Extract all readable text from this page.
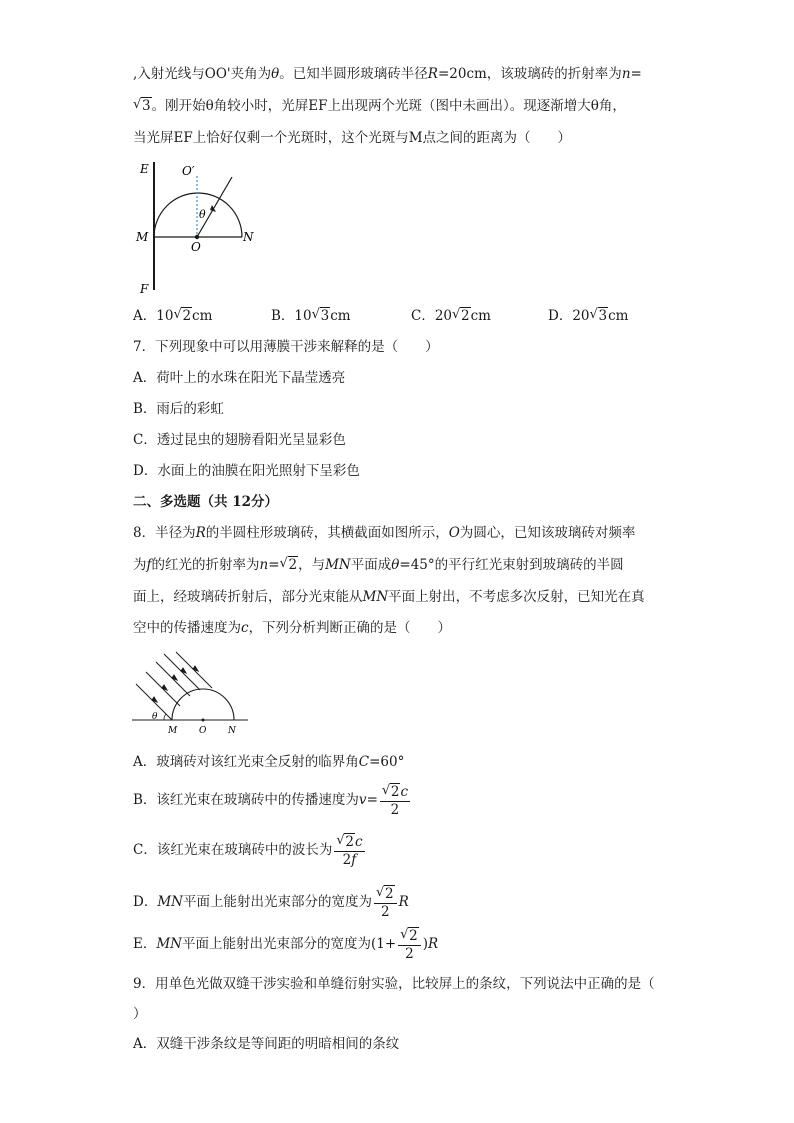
,入射光线与OO'夹角为θ。已知半圆形玻璃砖半径R=20cm，该玻璃砖的折射率为n=
√ 3。刚开始θ角较小时，光屏EF上出现两个光斑（图中未画出）。现逐渐增大θ角，
当光屏EF上恰好仅剩一个光斑时，这个光斑与M点之间的距离为（　　）
E	O′
θ
M
O
N
F
A．10 √ 2cm	B．10 √ 3cm	C．20 √ 2cm	D．20 √ 3cm
7．下列现象中可以用薄膜干涉来解释的是（　　）
A．荷叶上的水珠在阳光下晶莹透亮
B．雨后的彩虹
C．透过昆虫的翅膀看阳光呈显彩色
D．水面上的油膜在阳光照射下呈彩色
二、多选题（共 12分）
8．半径为R的半圆柱形玻璃砖，其横截面如图所示，O为圆心，已知该玻璃砖对频率
为f的红光的折射率为n= √ 2，与MN平面成θ=45°的平行红光束射到玻璃砖的半圆
面上，经玻璃砖折射后，部分光束能从MN平面上射出，不考虑多次反射，已知光在真
空中的传播速度为c，下列分析判断正确的是（　　）
θ
M O N
A．玻璃砖对该红光束全反射的临界角C=60°
B．该红光束在玻璃砖中的传播速度为v= √ $\frac{2c}{2}$
C．该红光束在玻璃砖中的波长为 √ $\frac{2c}{2f}$
D．MN平面上能射出光束部分的宽度为 √ $\frac{2}{2}$ R
E．MN平面上能射出光束部分的宽度为(1+ √ $\frac{2}{2} )R$
9．用单色光做双缝干涉实验和单缝衍射实验，比较屏上的条纹，下列说法中正确的是（
）
A．双缝干涉条纹是等间距的明暗相间的条纹
